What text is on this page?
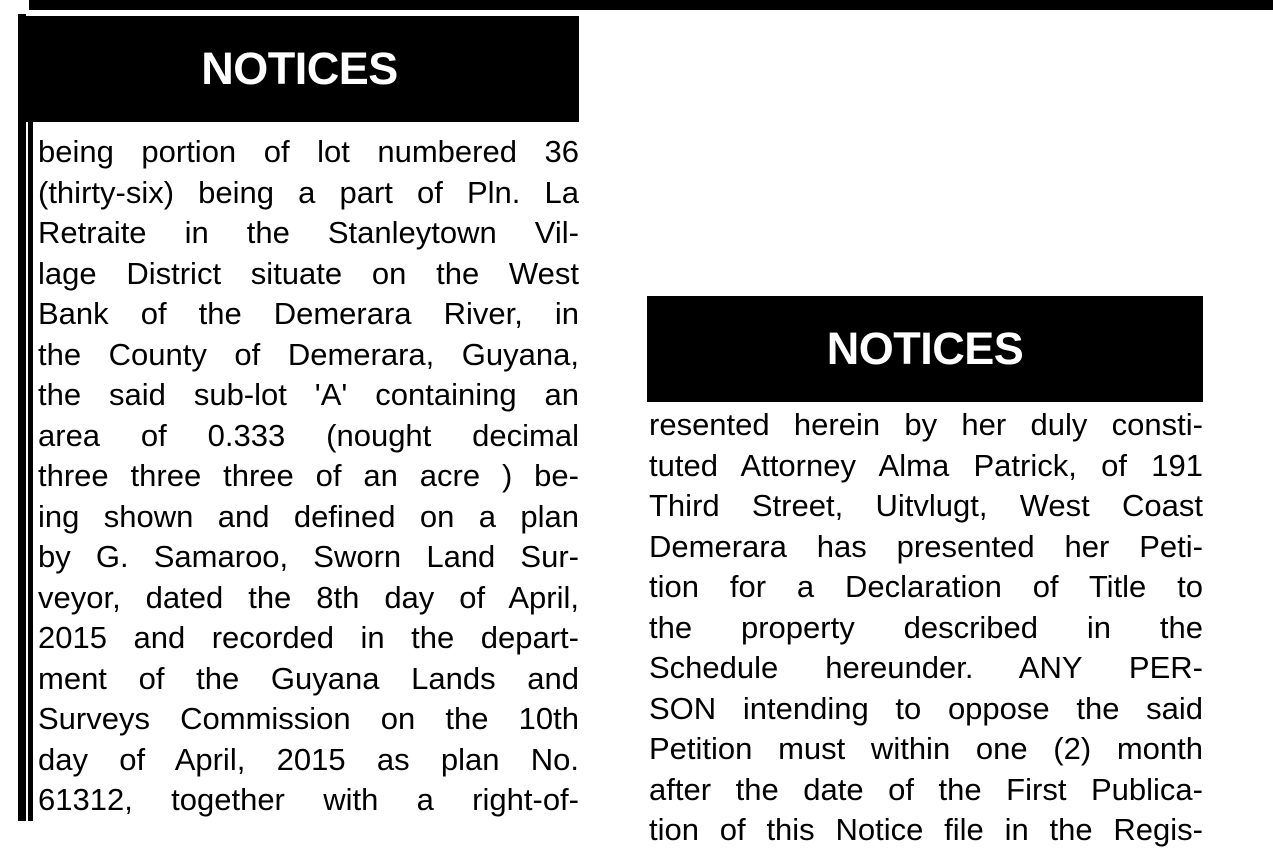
NOTICES
being portion of lot numbered 36
(thirty-six) being a part of Pln. La
Retraite in the Stanleytown Vil-
lage District situate on the West
Bank of the Demerara River, in
the County of Demerara, Guyana,
the said sub-lot 'A' containing an
area of 0.333 (nought decimal
three three three of an acre ) be-
ing shown and defined on a plan
by G. Samaroo, Sworn Land Sur-
veyor, dated the 8th day of April,
2015 and recorded in the depart-
ment of the Guyana Lands and
Surveys Commission on the 10th
day of April, 2015 as plan No.
61312, together with a right-of-
NOTICES
resented herein by her duly consti-
tuted Attorney Alma Patrick, of 191
Third Street, Uitvlugt, West Coast
Demerara has presented her Peti-
tion for a Declaration of Title to
the property described in the
Schedule hereunder. ANY PER-
SON intending to oppose the said
Petition must within one (2) month
after the date of the First Publica-
tion of this Notice file in the Regis-
